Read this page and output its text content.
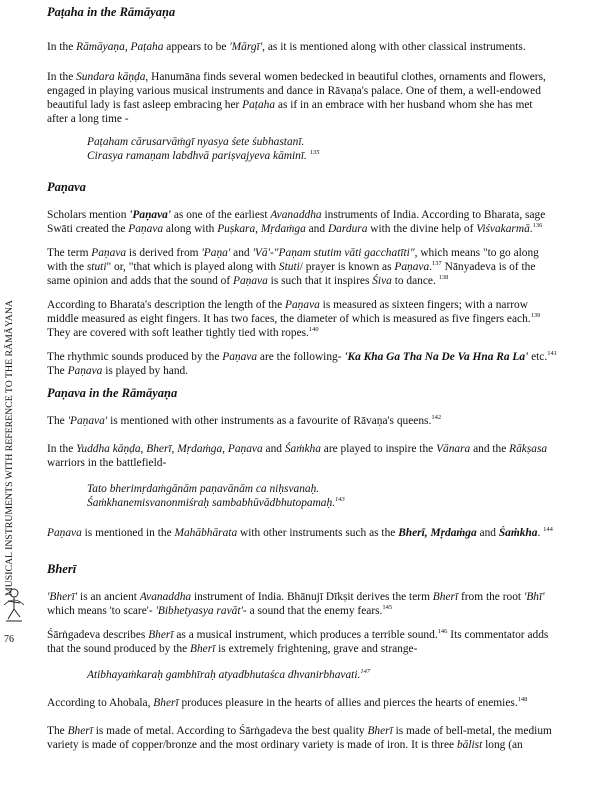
MUSICAL INSTRUMENTS WITH REFERENCE TO THE RĀMĀYANA
76
Paṭaha in the Rāmāyaṇa
In the Rāmāyaṇa, Paṭaha appears to be 'Mārgī', as it is mentioned along with other classical instruments.
In the Sundara kāṇḍa, Hanumāna finds several women bedecked in beautiful clothes, ornaments and flowers,
engaged in playing various musical instruments and dance in Rāvaṇa's palace. One of them, a well-endowed
beautiful lady is fast asleep embracing her Paṭaha as if in an embrace with her husband whom she has met
after a long time -
Paṭaham cārusarvāṁgī nyasya śete śubhastanī.
Cirasya ramaṇam labdhvā pariṣvajyeva kāminī. $^{135}$
Paṇava
Scholars mention 'Paṇava' as one of the earliest Avanaddha instruments of India. According to Bharata, sage
Swāti created the Paṇava along with Puṣkara, Mṛdaṁga and Dardura with the divine help of Viśvakarmā.$^{136}$
The term Paṇava is derived from 'Paṇa' and 'Vā'-"Paṇam stutim vāti gacchatīti", which means "to go along
with the stuti" or, "that which is played along with Stuti/ prayer is known as Paṇava.$^{137}$ Nānyadeva is of the
same opinion and adds that the sound of Paṇava is such that it inspires Śiva to dance. $^{138}$
According to Bharata's description the length of the Paṇava is measured as sixteen fingers; with a narrow
middle measured as eight fingers. It has two faces, the diameter of which is measured as five fingers each.$^{139}$
They are covered with soft leather tightly tied with ropes.$^{140}$
The rhythmic sounds produced by the Paṇava are the following- 'Ka Kha Ga Tha Na De Va Hna Ra La' etc.$^{141}$
The Paṇava is played by hand.
Paṇava in the Rāmāyaṇa
The 'Paṇava' is mentioned with other instruments as a favourite of Rāvaṇa's queens.$^{142}$
In the Yuddha kāṇḍa, Bherī, Mṛdaṁga, Paṇava and Śaṁkha are played to inspire the Vānara and the Rākṣasa
warriors in the battlefield-
Tato bherimṛdaṁgānām paṇavānām ca niḥsvanaḥ.
Śaṁkhanemisvanonmiśraḥ sambabhūvādbhutopamaḥ.$^{143}$
Paṇava is mentioned in the Mahābhārata with other instruments such as the Bherī, Mṛdaṁga and Śaṁkha. $^{144}$
Bherī
'Bherī' is an ancient Avanaddha instrument of India. Bhānujī Dīkṣit derives the term Bherī from the root 'Bhī'
which means 'to scare'- 'Bibhetyasya ravāt'- a sound that the enemy fears.$^{145}$
Śārṅgadeva describes Bherī as a musical instrument, which produces a terrible sound.$^{146}$ Its commentator adds
that the sound produced by the Bherī is extremely frightening, grave and strange-
Atibhayaṁkaraḥ gambhīraḥ atyadbhutaśca dhvanirbhavati.$^{147}$
According to Ahobala, Bherī produces pleasure in the hearts of allies and pierces the hearts of enemies.$^{148}$
The Bherī is made of metal. According to Śārṅgadeva the best quality Bherī is made of bell-metal, the medium
variety is made of copper/bronze and the most ordinary variety is made of iron. It is three bālist long (an
